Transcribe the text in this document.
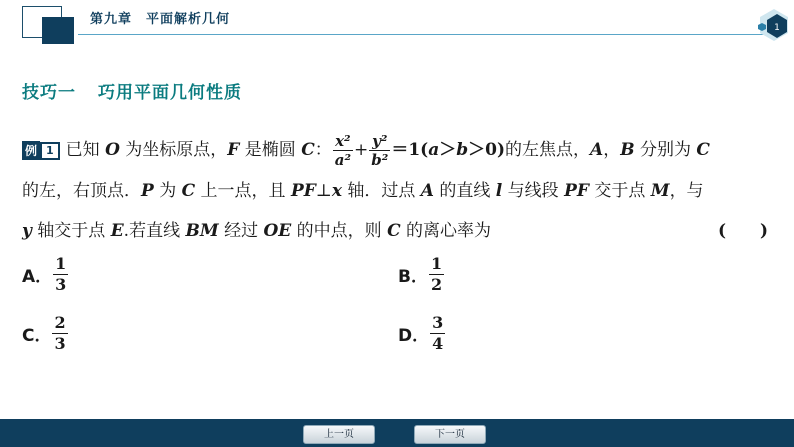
第九章　平面解析几何
1
技巧一 巧用平面几何性质
例 1 已知 O 为坐标原点，F 是椭圆 C： $\frac{\text{x²}}{\text{a²}} + \frac{\text{y²}}{\text{b²}} =1(a>b>0)$的左焦点，A，B 分别为 C
的左，右顶点．P 为 C 上一点，且 PF⊥x 轴．过点 A 的直线 l 与线段 PF 交于点 M，与
y 轴交于点 E.若直线 BM 经过 OE 的中点，则 C 的离心率为	(　　)
A． $\frac{1}{3}$	B． $\frac{1}{2}$
C． $\frac{2}{3}$	D． $\frac{3}{4}$
上一页	下一页
